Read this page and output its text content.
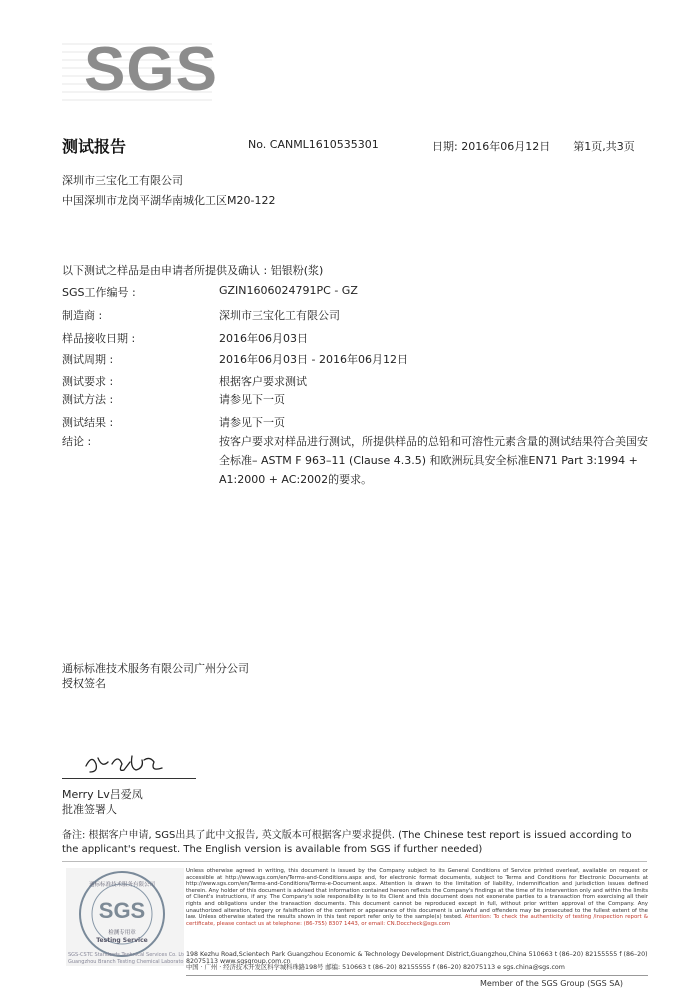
SGS
测试报告	No. CANML1610535301	日期: 2016年06月12日 第1页,共3页
深圳市三宝化工有限公司
中国深圳市龙岗平湖华南城化工区M20-122
以下测试之样品是由申请者所提供及确认 : 铝银粉(浆)
SGS工作编号 :	GZIN1606024791PC - GZ
制造商 :	深圳市三宝化工有限公司
样品接收日期 :	2016年06月03日
测试周期 :	2016年06月03日 - 2016年06月12日
测试要求 :	根据客户要求测试
测试方法 :	请参见下一页
测试结果 :	请参见下一页
结论 :	按客户要求对样品进行测试，所提供样品的总铅和可溶性元素含量的测试结果符合美国安全标准– ASTM F 963–11 (Clause 4.3.5) 和欧洲玩具安全标准EN71 Part 3:1994 + A1:2000 + AC:2002的要求。
通标标准技术服务有限公司广州分公司
授权签名
Merry Lv吕爱凤
批准签署人
备注: 根据客户申请, SGS出具了此中文报告, 英文版本可根据客户要求提供. (The Chinese test report is issued according to the applicant's request. The English version is available from SGS if further needed)
SGS
检测专用章
Testing Service
通标标准技术服务有限公司
SGS-CSTC Standards Technical Services Co. Ltd.
Guangzhou Branch Testing Chemical Laboratory
Unless otherwise agreed in writing, this document is issued by the Company subject to its General Conditions of Service printed overleaf, available on request or accessible at http://www.sgs.com/en/Terms-and-Conditions.aspx and, for electronic format documents, subject to Terms and Conditions for Electronic Documents at http://www.sgs.com/en/Terms-and-Conditions/Terms-e-Document.aspx. Attention is drawn to the limitation of liability, indemnification and jurisdiction issues defined therein. Any holder of this document is advised that information contained hereon reflects the Company's findings at the time of its intervention only and within the limits of Client's instructions, if any. The Company's sole responsibility is to its Client and this document does not exonerate parties to a transaction from exercising all their rights and obligations under the transaction documents. This document cannot be reproduced except in full, without prior written approval of the Company. Any unauthorized alteration, forgery or falsification of the content or appearance of this document is unlawful and offenders may be prosecuted to the fullest extent of the law. Unless otherwise stated the results shown in this test report refer only to the sample(s) tested. Attention: To check the authenticity of testing /inspection report & certificate, please contact us at telephone: (86-755) 8307 1443, or email: CN.Doccheck@sgs.com
198 Kezhu Road,Scientech Park Guangzhou Economic & Technology Development District,Guangzhou,China 510663 t (86–20) 82155555 f (86–20) 82075113 www.sgsgroup.com.cn
中国 · 广州 · 经济技术开发区科学城科珠路198号 邮编: 510663 t (86–20) 82155555 f (86–20) 82075113 e sgs.china@sgs.com
Member of the SGS Group (SGS SA)
